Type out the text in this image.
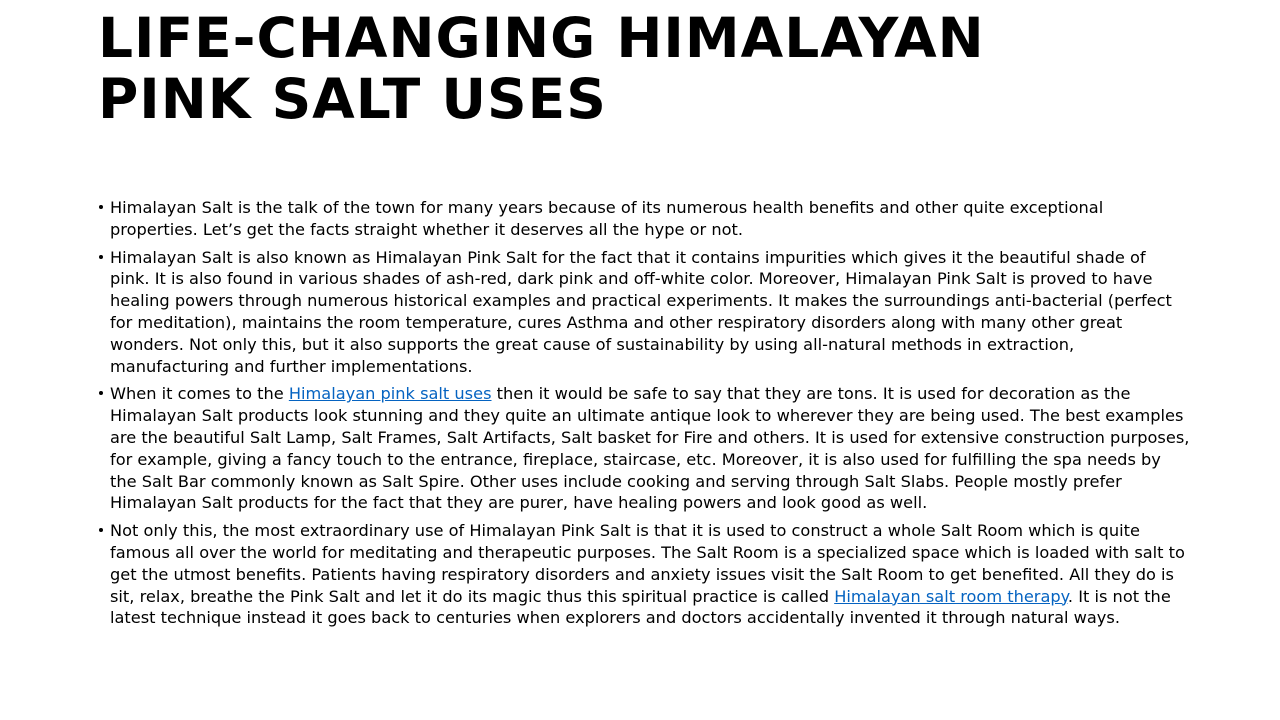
LIFE-CHANGING HIMALAYAN PINK SALT USES
Himalayan Salt is the talk of the town for many years because of its numerous health benefits and other quite exceptional properties. Let’s get the facts straight whether it deserves all the hype or not.
Himalayan Salt is also known as Himalayan Pink Salt for the fact that it contains impurities which gives it the beautiful shade of pink. It is also found in various shades of ash-red, dark pink and off-white color. Moreover, Himalayan Pink Salt is proved to have healing powers through numerous historical examples and practical experiments. It makes the surroundings anti-bacterial (perfect for meditation), maintains the room temperature, cures Asthma and other respiratory disorders along with many other great wonders. Not only this, but it also supports the great cause of sustainability by using all-natural methods in extraction, manufacturing and further implementations.
When it comes to the Himalayan pink salt uses then it would be safe to say that they are tons. It is used for decoration as the Himalayan Salt products look stunning and they quite an ultimate antique look to wherever they are being used. The best examples are the beautiful Salt Lamp, Salt Frames, Salt Artifacts, Salt basket for Fire and others. It is used for extensive construction purposes, for example, giving a fancy touch to the entrance, fireplace, staircase, etc. Moreover, it is also used for fulfilling the spa needs by the Salt Bar commonly known as Salt Spire. Other uses include cooking and serving through Salt Slabs. People mostly prefer Himalayan Salt products for the fact that they are purer, have healing powers and look good as well.
Not only this, the most extraordinary use of Himalayan Pink Salt is that it is used to construct a whole Salt Room which is quite famous all over the world for meditating and therapeutic purposes. The Salt Room is a specialized space which is loaded with salt to get the utmost benefits. Patients having respiratory disorders and anxiety issues visit the Salt Room to get benefited. All they do is sit, relax, breathe the Pink Salt and let it do its magic thus this spiritual practice is called Himalayan salt room therapy. It is not the latest technique instead it goes back to centuries when explorers and doctors accidentally invented it through natural ways.
